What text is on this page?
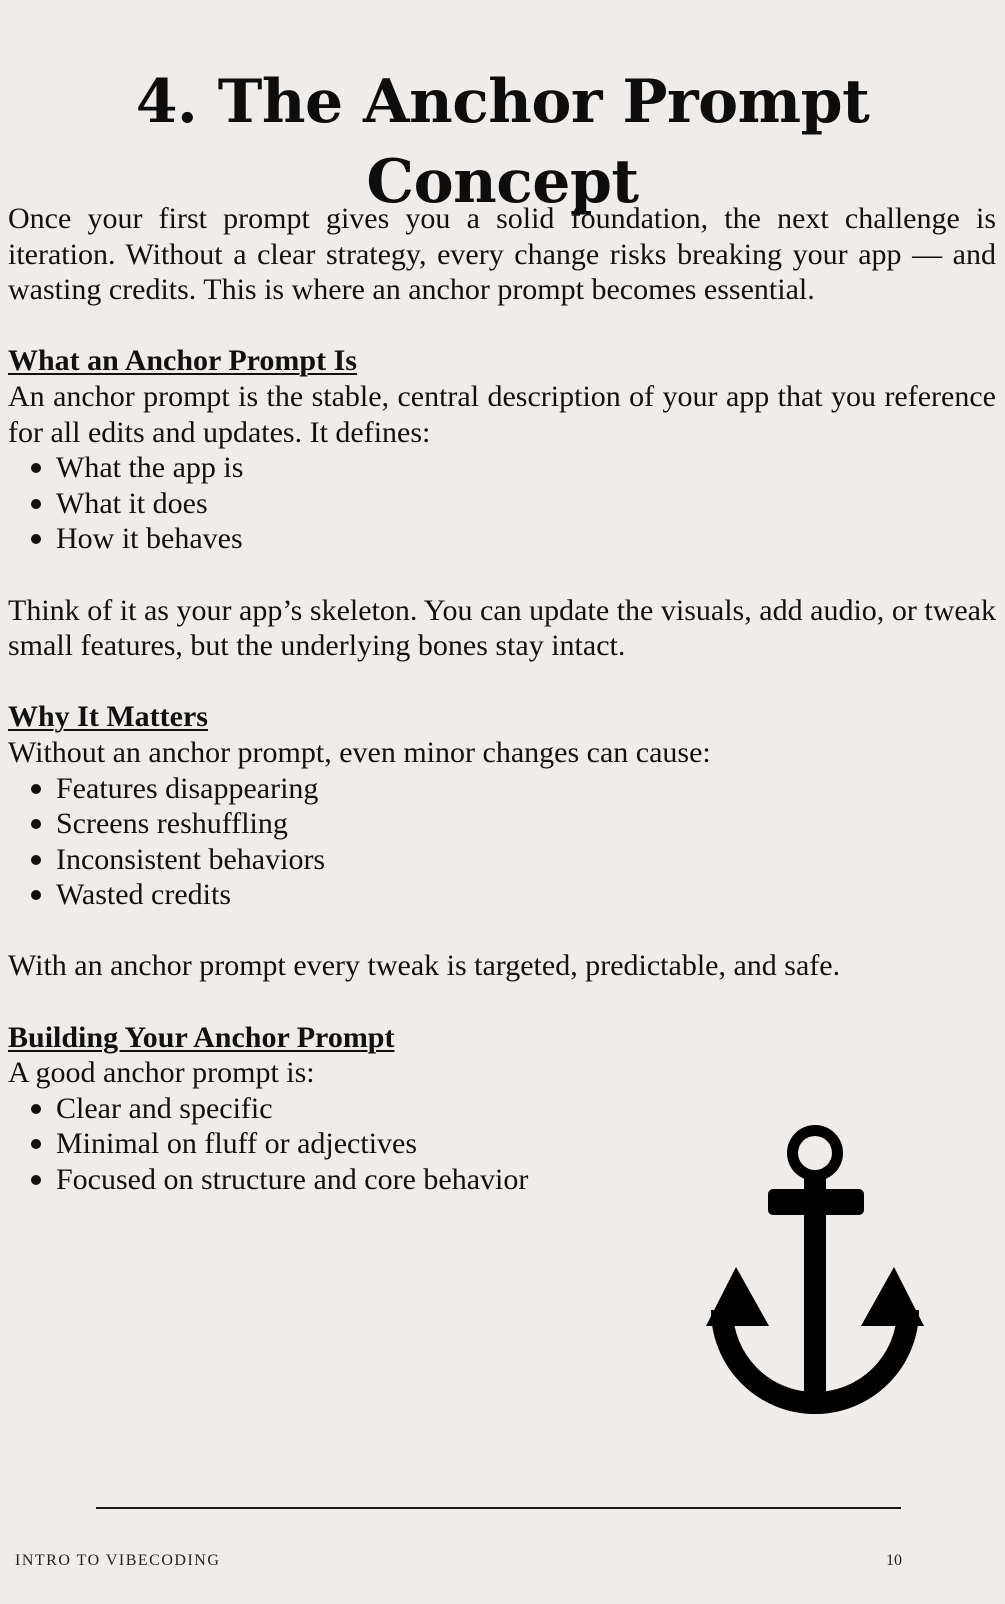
4. The Anchor Prompt Concept

Once your first prompt gives you a solid foundation, the next challenge is iteration. Without a clear strategy, every change risks breaking your app — and wasting credits. This is where an anchor prompt becomes essential.

What an Anchor Prompt Is

An anchor prompt is the stable, central description of your app that you reference for all edits and updates. It defines:

What the app is
What it does
How it behaves

Think of it as your app’s skeleton. You can update the visuals, add audio, or tweak small features, but the underlying bones stay intact.

Why It Matters

Without an anchor prompt, even minor changes can cause:

Features disappearing
Screens reshuffling
Inconsistent behaviors
Wasted credits

With an anchor prompt every tweak is targeted, predictable, and safe.

Building Your Anchor Prompt

A good anchor prompt is:

Clear and specific
Minimal on fluff or adjectives
Focused on structure and core behavior
INTRO TO VIBECODING	10
